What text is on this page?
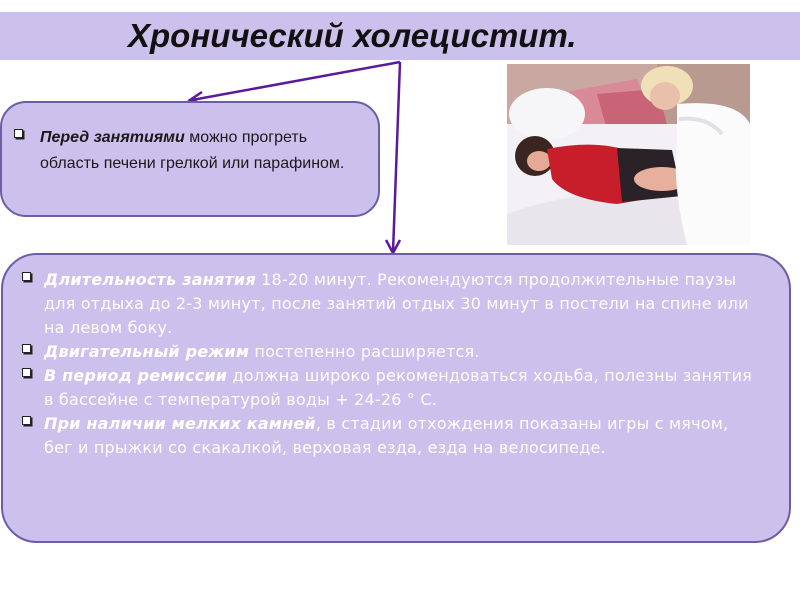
Хронический холецистит.
Перед занятиями можно прогреть область печени грелкой или парафином.
Длительность занятия 18-20 минут. Рекомендуются продолжительные паузы для отдыха до 2-3 минут, после занятий отдых 30 минут в постели на спине или на левом боку.
Двигательный режим постепенно расширяется.
В период ремиссии должна широко рекомендоваться ходьба, полезны занятия в бассейне с температурой воды + 24-26 ° С.
При наличии мелких камней, в стадии отхождения показаны игры с мячом, бег и прыжки со скакалкой, верховая езда, езда на велосипеде.
